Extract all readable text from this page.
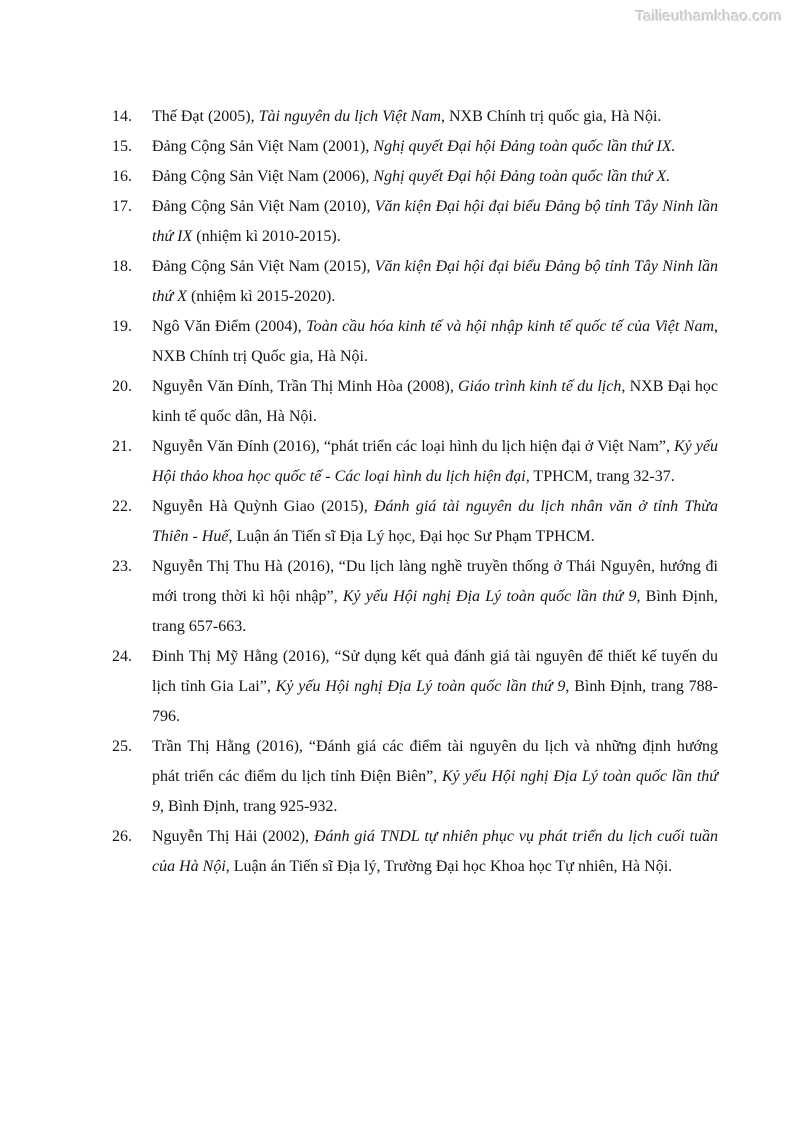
Tailieuthamkhao.com
14.	Thế Đạt (2005), Tài nguyên du lịch Việt Nam, NXB Chính trị quốc gia, Hà Nội.
15.	Đảng Cộng Sản Việt Nam (2001), Nghị quyết Đại hội Đảng toàn quốc lần thứ IX.
16.	Đảng Cộng Sản Việt Nam (2006), Nghị quyết Đại hội Đảng toàn quốc lần thứ X.
17.	Đảng Cộng Sản Việt Nam (2010), Văn kiện Đại hội đại biểu Đảng bộ tỉnh Tây Ninh lần thứ IX (nhiệm kì 2010-2015).
18.	Đảng Cộng Sản Việt Nam (2015), Văn kiện Đại hội đại biểu Đảng bộ tỉnh Tây Ninh lần thứ X (nhiệm kì 2015-2020).
19.	Ngô Văn Điểm (2004), Toàn cầu hóa kinh tế và hội nhập kinh tế quốc tế của Việt Nam, NXB Chính trị Quốc gia, Hà Nội.
20.	Nguyễn Văn Đính, Trần Thị Minh Hòa (2008), Giáo trình kinh tế du lịch, NXB Đại học kinh tế quốc dân, Hà Nội.
21.	Nguyễn Văn Đính (2016), “phát triển các loại hình du lịch hiện đại ở Việt Nam”, Kỷ yếu Hội thảo khoa học quốc tế - Các loại hình du lịch hiện đại, TPHCM, trang 32-37.
22.	Nguyễn Hà Quỳnh Giao (2015), Đánh giá tài nguyên du lịch nhân văn ở tỉnh Thừa Thiên - Huế, Luận án Tiến sĩ Địa Lý học, Đại học Sư Phạm TPHCM.
23.	Nguyễn Thị Thu Hà (2016), “Du lịch làng nghề truyền thống ở Thái Nguyên, hướng đi mới trong thời kì hội nhập”, Kỷ yếu Hội nghị Địa Lý toàn quốc lần thứ 9, Bình Định, trang 657-663.
24.	Đinh Thị Mỹ Hằng (2016), “Sử dụng kết quả đánh giá tài nguyên để thiết kế tuyến du lịch tỉnh Gia Lai”, Kỷ yếu Hội nghị Địa Lý toàn quốc lần thứ 9, Bình Định, trang 788-796.
25.	Trần Thị Hằng (2016), “Đánh giá các điểm tài nguyên du lịch và những định hướng phát triển các điểm du lịch tỉnh Điện Biên”, Kỷ yếu Hội nghị Địa Lý toàn quốc lần thứ 9, Bình Định, trang 925-932.
26.	Nguyễn Thị Hải (2002), Đánh giá TNDL tự nhiên phục vụ phát triển du lịch cuối tuần của Hà Nội, Luận án Tiến sĩ Địa lý, Trường Đại học Khoa học Tự nhiên, Hà Nội.
